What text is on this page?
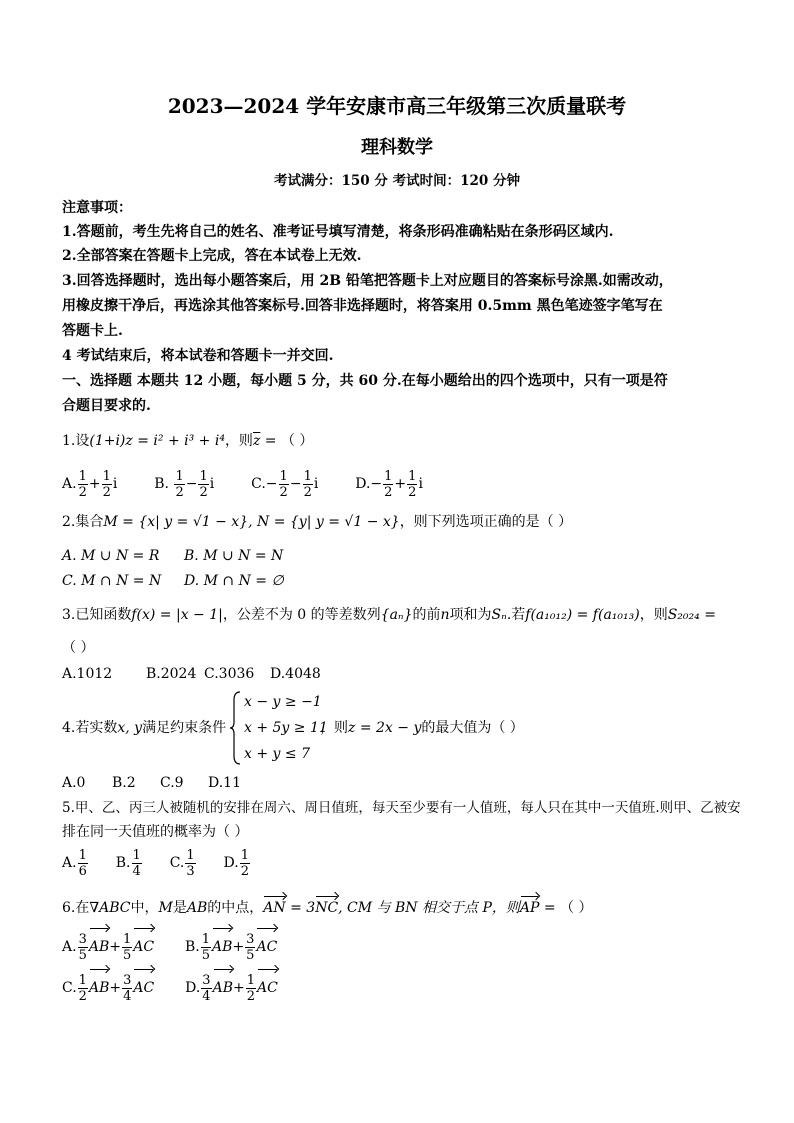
2023—2024 学年安康市高三年级第三次质量联考
理科数学
考试满分：150 分 考试时间：120 分钟
注意事项：
1.答题前，考生先将自己的姓名、准考证号填写清楚，将条形码准确粘贴在条形码区域内.
2.全部答案在答题卡上完成，答在本试卷上无效.
3.回答选择题时，选出每小题答案后，用 2B 铅笔把答题卡上对应题目的答案标号涂黑.如需改动，
用橡皮擦干净后，再选涂其他答案标号.回答非选择题时，将答案用 0.5mm 黑色笔迹签字笔写在
答题卡上.
4 考试结束后，将本试卷和答题卡一并交回.
一、选择题 本题共 12 小题，每小题 5 分，共 60 分.在每小题给出的四个选项中，只有一项是符
合题目要求的.
1.设(1+i)z = i² + i³ + i⁴，则$\overline{z}$ = （ ）
A. $\frac{1}{2} + \frac{1}{2}$ i	B. $\frac{1}{2} - \frac{1}{2}$ i	$C.- \frac{1}{2} - \frac{1}{2}$ i	$D.- \frac{1}{2} + \frac{1}{2}$ i
2.集合M = {x| y = √1 − x}, N = {y| y = √1 − x}，则下列选项正确的是（ ）
A. M ∪ N = R B. M ∪ N = N
C. M ∩ N = N D. M ∩ N = ∅
3.已知函数f(x) = |x − 1|，公差不为 0 的等差数列{aₙ}的前n项和为Sₙ.若f(a₁₀₁₂) = f(a₁₀₁₃)，则S₂₀₂₄ =
（ ）
A.1012 B.2024 C.3036 D.4048
4.若实数x, y满足约束条件
x − y ≥ −1
x + 5y ≥ 11
x + y ≤ 7
，则z = 2x − y的最大值为（ ）
A.0 B.2 C.9 D.11
5.甲、乙、丙三人被随机的安排在周六、周日值班，每天至少要有一人值班，每人只在其中一天值班.则甲、乙被安
排在同一天值班的概率为（ ）
A. $\frac{1}{6} B$. $\frac{1}{4} C$. $\frac{1}{3} D$. $\frac{1}{2}$
6.在∇ABC中，M是AB的中点，AN = 3NC, CM 与 BN 相交于点 P，则AP = （ ）
A. $\frac{3}{5} AB+ \frac{1}{5}$ AC B. $\frac{1}{5} AB+ \frac{3}{5}$ AC
C. $\frac{1}{2} AB+ \frac{3}{4}$ AC D. $\frac{3}{4} AB+ \frac{1}{2}$ AC
